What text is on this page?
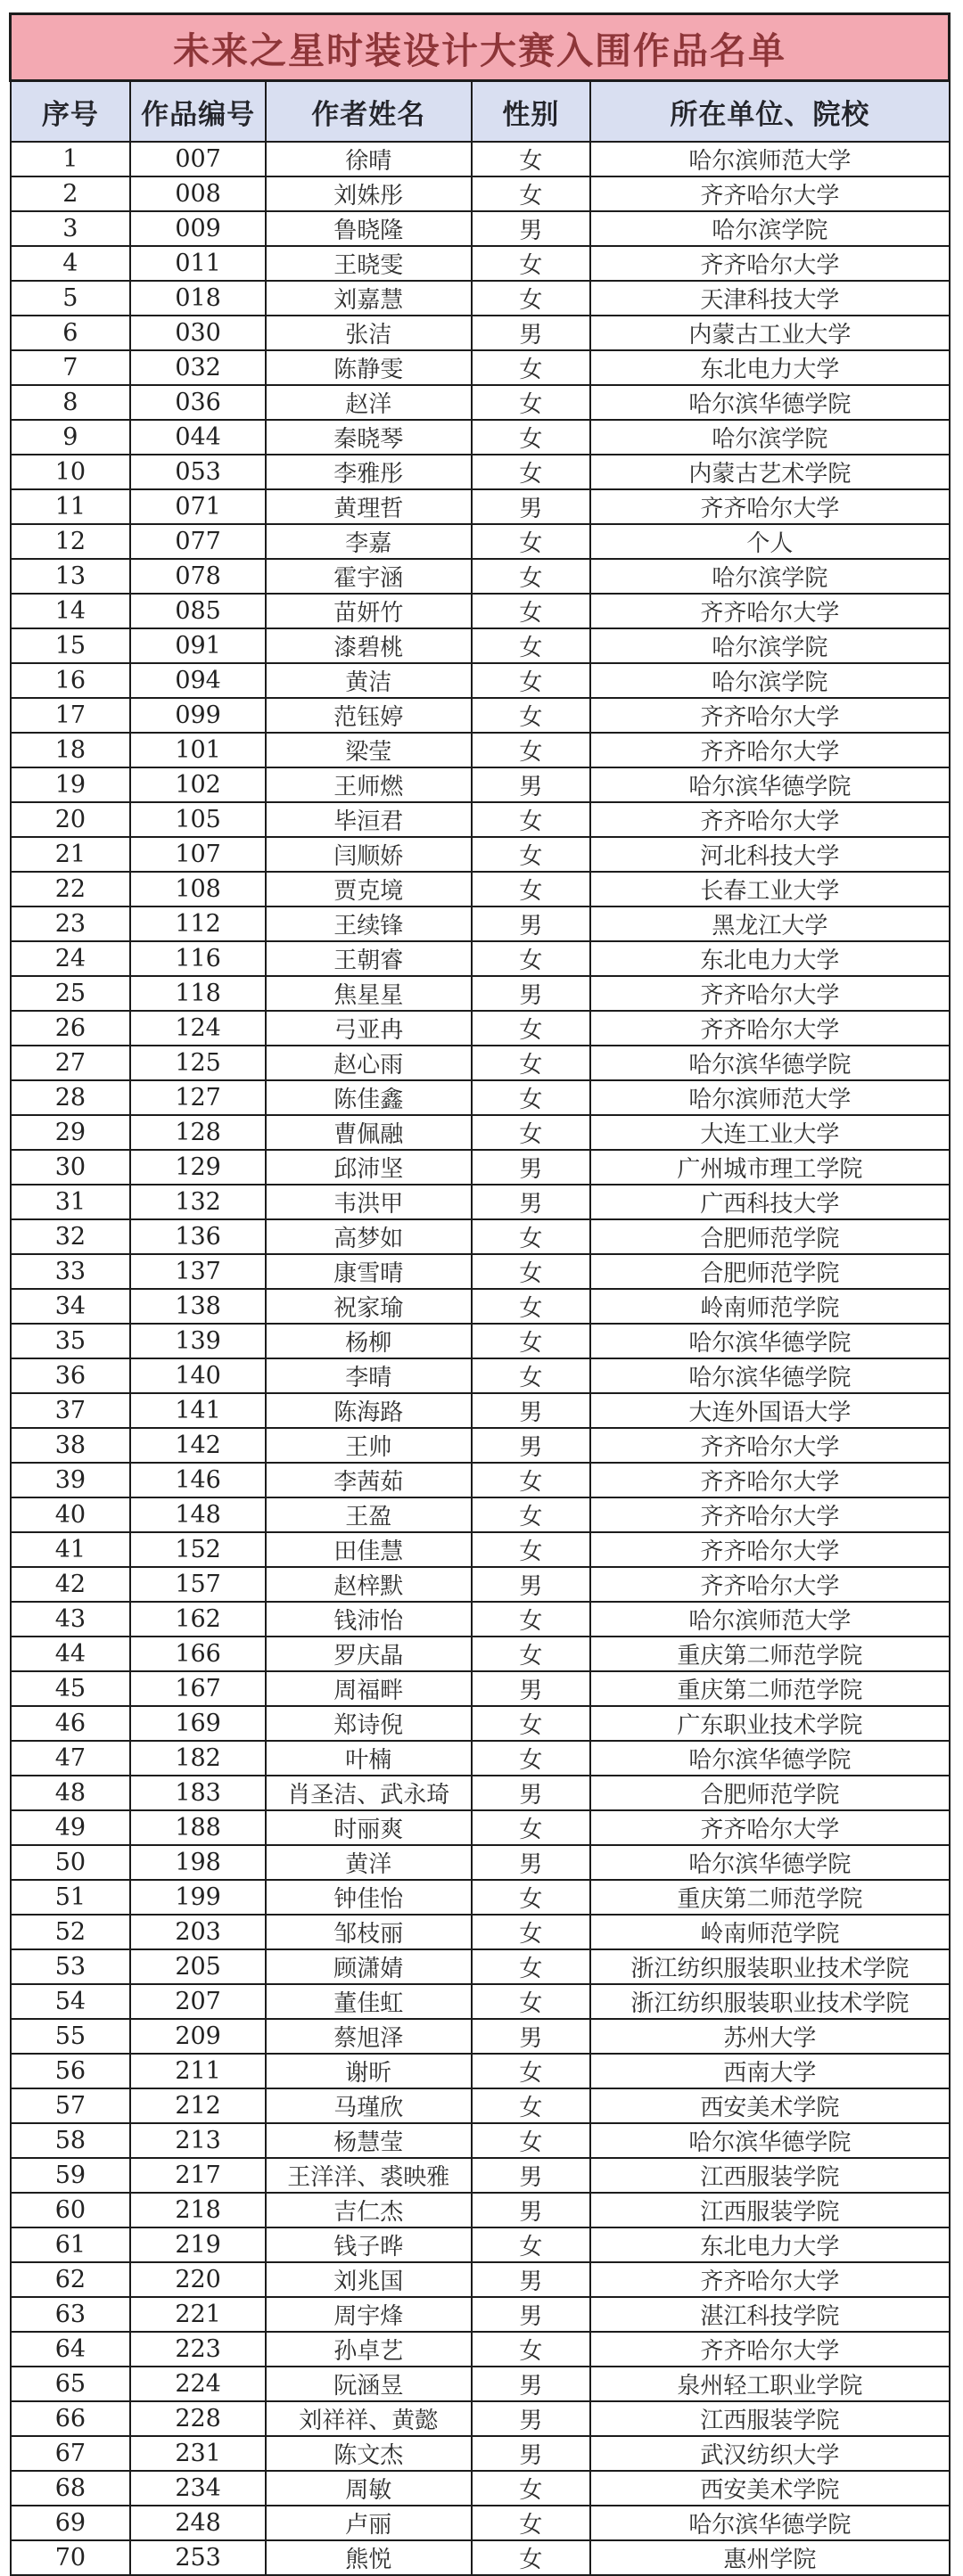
未来之星时装设计大赛入围作品名单				
序号	作品编号	作者姓名	性别	所在单位、院校
1	007	徐晴	女	哈尔滨师范大学
2	008	刘姝彤	女	齐齐哈尔大学
3	009	鲁晓隆	男	哈尔滨学院
4	011	王晓雯	女	齐齐哈尔大学
5	018	刘嘉慧	女	天津科技大学
6	030	张洁	男	内蒙古工业大学
7	032	陈静雯	女	东北电力大学
8	036	赵洋	女	哈尔滨华德学院
9	044	秦晓琴	女	哈尔滨学院
10	053	李雅彤	女	内蒙古艺术学院
11	071	黄理哲	男	齐齐哈尔大学
12	077	李嘉	女	个人
13	078	霍宇涵	女	哈尔滨学院
14	085	苗妍竹	女	齐齐哈尔大学
15	091	漆碧桃	女	哈尔滨学院
16	094	黄洁	女	哈尔滨学院
17	099	范钰婷	女	齐齐哈尔大学
18	101	梁莹	女	齐齐哈尔大学
19	102	王师燃	男	哈尔滨华德学院
20	105	毕洹君	女	齐齐哈尔大学
21	107	闫顺娇	女	河北科技大学
22	108	贾克境	女	长春工业大学
23	112	王续锋	男	黑龙江大学
24	116	王朝睿	女	东北电力大学
25	118	焦星星	男	齐齐哈尔大学
26	124	弓亚冉	女	齐齐哈尔大学
27	125	赵心雨	女	哈尔滨华德学院
28	127	陈佳鑫	女	哈尔滨师范大学
29	128	曹佩融	女	大连工业大学
30	129	邱沛坚	男	广州城市理工学院
31	132	韦洪甲	男	广西科技大学
32	136	高梦如	女	合肥师范学院
33	137	康雪晴	女	合肥师范学院
34	138	祝家瑜	女	岭南师范学院
35	139	杨柳	女	哈尔滨华德学院
36	140	李晴	女	哈尔滨华德学院
37	141	陈海路	男	大连外国语大学
38	142	王帅	男	齐齐哈尔大学
39	146	李茜茹	女	齐齐哈尔大学
40	148	王盈	女	齐齐哈尔大学
41	152	田佳慧	女	齐齐哈尔大学
42	157	赵梓默	男	齐齐哈尔大学
43	162	钱沛怡	女	哈尔滨师范大学
44	166	罗庆晶	女	重庆第二师范学院
45	167	周福畔	男	重庆第二师范学院
46	169	郑诗倪	女	广东职业技术学院
47	182	叶楠	女	哈尔滨华德学院
48	183	肖圣洁、武永琦	男	合肥师范学院
49	188	时丽爽	女	齐齐哈尔大学
50	198	黄洋	男	哈尔滨华德学院
51	199	钟佳怡	女	重庆第二师范学院
52	203	邹枝丽	女	岭南师范学院
53	205	顾潇婧	女	浙江纺织服装职业技术学院
54	207	董佳虹	女	浙江纺织服装职业技术学院
55	209	蔡旭泽	男	苏州大学
56	211	谢昕	女	西南大学
57	212	马瑾欣	女	西安美术学院
58	213	杨慧莹	女	哈尔滨华德学院
59	217	王洋洋、裘映雅	男	江西服装学院
60	218	吉仁杰	男	江西服装学院
61	219	钱子晔	女	东北电力大学
62	220	刘兆国	男	齐齐哈尔大学
63	221	周宇烽	男	湛江科技学院
64	223	孙卓艺	女	齐齐哈尔大学
65	224	阮涵昱	男	泉州轻工职业学院
66	228	刘祥祥、黄懿	男	江西服装学院
67	231	陈文杰	男	武汉纺织大学
68	234	周敏	女	西安美术学院
69	248	卢丽	女	哈尔滨华德学院
70	253	熊悦	女	惠州学院
